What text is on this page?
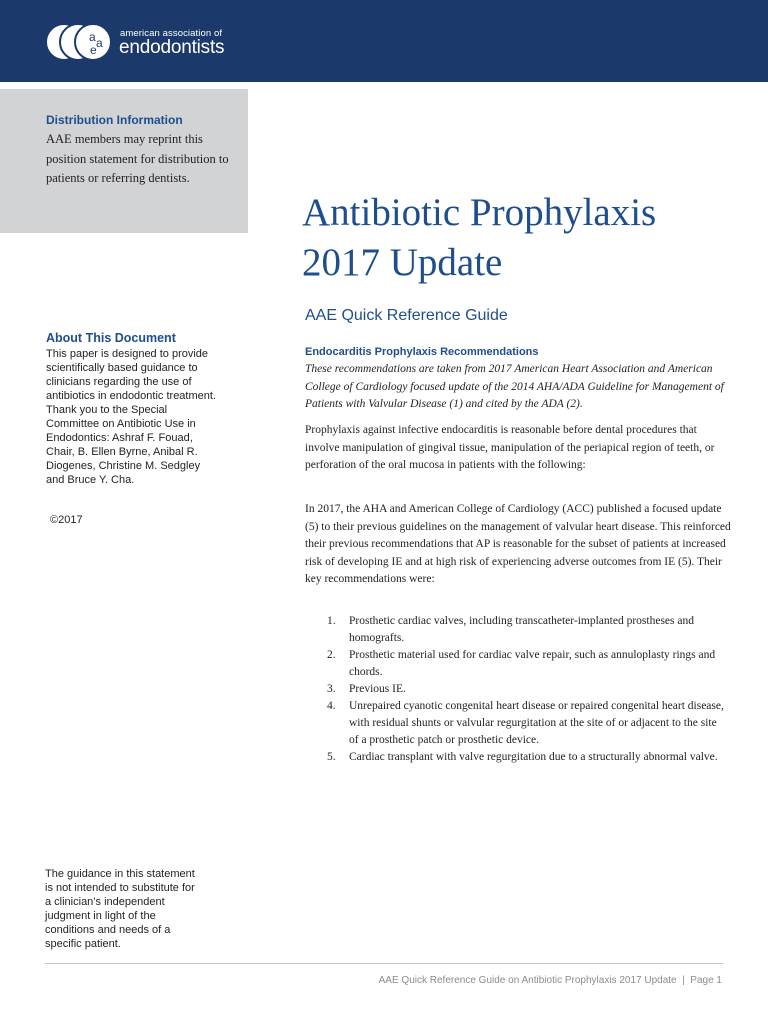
a a
e
american association of
endodontists
Distribution Information
AAE members may reprint this position statement for distribution to patients or referring dentists.
Antibiotic Prophylaxis
2017 Update
AAE Quick Reference Guide
About This Document
This paper is designed to provide scientifically based guidance to clinicians regarding the use of antibiotics in endodontic treatment. Thank you to the Special Committee on Antibiotic Use in Endodontics: Ashraf F. Fouad, Chair, B. Ellen Byrne, Anibal R. Diogenes, Christine M. Sedgley and Bruce Y. Cha.
©2017
Endocarditis Prophylaxis Recommendations
These recommendations are taken from 2017 American Heart Association and American College of Cardiology focused update of the 2014 AHA/ADA Guideline for Management of Patients with Valvular Disease (1) and cited by the ADA (2).
Prophylaxis against infective endocarditis is reasonable before dental procedures that involve manipulation of gingival tissue, manipulation of the periapical region of teeth, or perforation of the oral mucosa in patients with the following:
In 2017, the AHA and American College of Cardiology (ACC) published a focused update (5) to their previous guidelines on the management of valvular heart disease. This reinforced their previous recommendations that AP is reasonable for the subset of patients at increased risk of developing IE and at high risk of experiencing adverse outcomes from IE (5). Their key recommendations were:
1. Prosthetic cardiac valves, including transcatheter-implanted prostheses and homografts.
2. Prosthetic material used for cardiac valve repair, such as annuloplasty rings and chords.
3. Previous IE.
4. Unrepaired cyanotic congenital heart disease or repaired congenital heart disease, with residual shunts or valvular regurgitation at the site of or adjacent to the site of a prosthetic patch or prosthetic device.
5. Cardiac transplant with valve regurgitation due to a structurally abnormal valve.
The guidance in this statement is not intended to substitute for a clinician’s independent judgment in light of the conditions and needs of a specific patient.
AAE Quick Reference Guide on Antibiotic Prophylaxis 2017 Update  |  Page 1
